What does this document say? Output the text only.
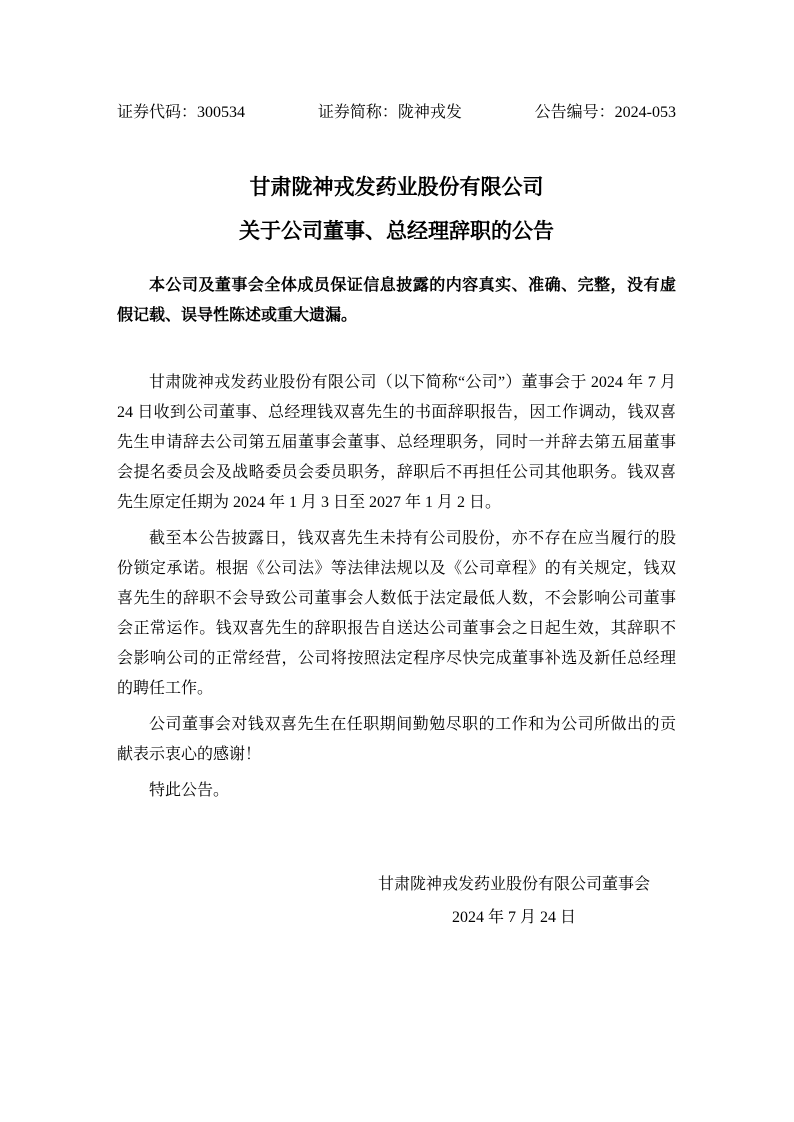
证券代码：300534	证券简称：陇神戎发	公告编号：2024-053
甘肃陇神戎发药业股份有限公司
关于公司董事、总经理辞职的公告
本公司及董事会全体成员保证信息披露的内容真实、准确、完整，没有虚假记载、误导性陈述或重大遗漏。

甘肃陇神戎发药业股份有限公司（以下简称“公司”）董事会于 2024 年 7 月 24 日收到公司董事、总经理钱双喜先生的书面辞职报告，因工作调动，钱双喜先生申请辞去公司第五届董事会董事、总经理职务，同时一并辞去第五届董事会提名委员会及战略委员会委员职务，辞职后不再担任公司其他职务。钱双喜先生原定任期为 2024 年 1 月 3 日至 2027 年 1 月 2 日。

截至本公告披露日，钱双喜先生未持有公司股份，亦不存在应当履行的股份锁定承诺。根据《公司法》等法律法规以及《公司章程》的有关规定，钱双喜先生的辞职不会导致公司董事会人数低于法定最低人数，不会影响公司董事会正常运作。钱双喜先生的辞职报告自送达公司董事会之日起生效，其辞职不会影响公司的正常经营，公司将按照法定程序尽快完成董事补选及新任总经理的聘任工作。

公司董事会对钱双喜先生在任职期间勤勉尽职的工作和为公司所做出的贡献表示衷心的感谢！

特此公告。

甘肃陇神戎发药业股份有限公司董事会
2024 年 7 月 24 日
